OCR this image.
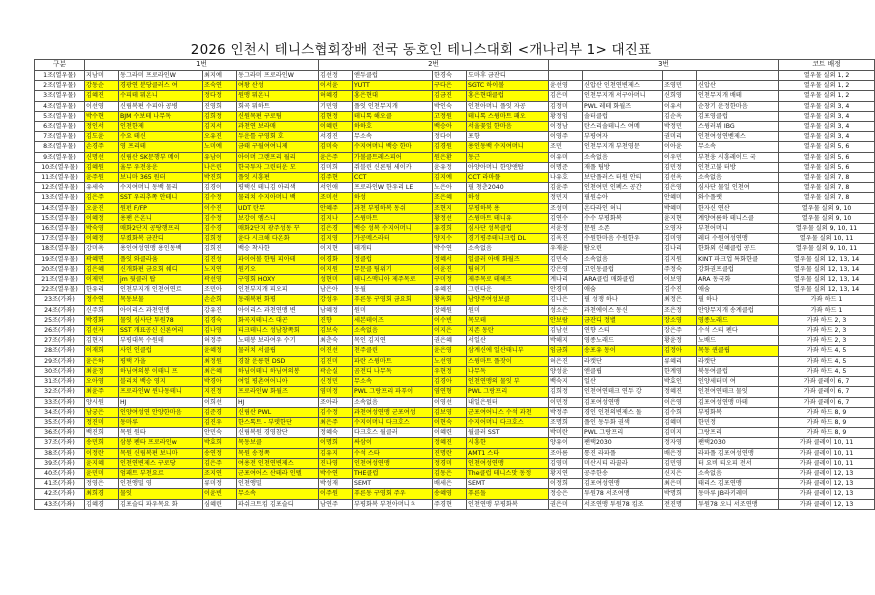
2026 인천시 테니스협회장배 전국 동호인 테니스대회 <개나리부 1> 대진표
구분	1번				2번				3번				코트 배정
1조(열우물)	지남미	동그라미 프로라인W	최지예	동그라미 프로라인W	김선정	엔두클럽	한경숙	도마후 금잔디					열우물 실외 1, 2
2조(열우물)	강동순	경광연 분당클러스 여	조숙연	여왕 산성	이서윤	YUTT	구다은	SGTC 하이볼	윤선영	신압산 인천연변제스	조영민	신압산	열우물 실외 1, 2
3조(열우물)	김혜진	수피테 뭐온니	정다정	원맹 뭐온니	허혜경	홍은현대	김금진	홍은현대클럽	김은미	인천무지개 서구아머니	신희영	인천무지개 배테	열우물 실외 1, 2
4조(열우물)	이선영	신림복편 수피아 공병	진영희	회곡 뭐하트	기민영	플잇 인천무지개	박인숙	인천아머니 플잇 자공	김정미	PWL 레테 화월즈	이유서	순창기 운정한마음	열우물 실외 3, 4
5조(열우물)	박수현	BJM 수보테 나무독	김희정	신원목편 구로팀	김현정	테니톡 해오클	고정원	테니톡 스윙마트 패오	황정임	솔터클럽	김순옥	김포영클럽	열우물 실외 3, 4
6조(열우물)	정인서	인천한제	김지서	과천연 보라매	이혜린	하하호	백승아	서울꽃잎 한마음	이정남	탄스리솔테니스 여메	박정민	스윙러뷔 IBG	열우물 실외 3, 4
7조(열우물)	김도윤	수요 테신	오유진	두운틀 구영회 호	서경진	무소속	정다이	포항	이영주	부평여자	권미리	인천여성연벤제스	열우물 실외 3, 4
8조(열우물)	손경주	영 프리테	노미예	금태 구월여여니제	김미숙	수지여머니 백승 한마	김경원	용인동백 수지여머니	조민	인천무지개 부천영문	이아윤	무소속	열우물 실외 5, 6
9조(열우물)	신명선	신림산 SK문행부 메이	유남이	아이머 그랜프리 월리	윤은주	가볼클트레스피어	원은환	동근	이유미	소속없음	이우민	부천웅 시흥레이드 국	열우물 실외 5, 6
10조(열우물)	김혜원	율무 우전웅운	나은린	한국투자 그린터운 모	김미희	쥐블린 신론팀 세이카	윤유정	아양아머니 한양앤탑	이명준	재플 팀방	김민정	인천고불 터방	열우물 실외 5, 6
11조(열우물)	윤주원	보니마 365 원터	박진희	플잇 시흥편	김주현	CCT	김지예	CCT 라마플	나유호	보단플러스 터원 안티	김선옥	소속없음	열우물 실외 7, 8
12조(열우물)	유세숙	수지여머니 동백 물리	김경이	평택신 테니김 아리색	서인애	프로라인W 한우리 LE	노은아	필 청춘2040	김윤주	인천여민 인펙스 공간	김은영	심사단 물일 인천여	열우물 실외 7, 8
13조(열우물)	김은주	SST 우리추쪽 안테니	김수정	물리치 수지아머니 백	조미선	하성	조은혜	하성	정민지	필원슈아	안혜미	와수플랫	열우물 실외 7, 8
14조(열우물)	오윤진	원펀 F/FP	이수진	UDT 탄무	안혜주	과천 부평하복 동쉬	조현지	부평하복 용	조성미	온다라인 허니	박혜미	한자신 연산	열우물 실외 9, 10
15조(열우물)	이혜정	용팬 은온니	김수정	보강이 엠스니	김지나	스윙마트	황정선	스윙마트 테니유	김연수	수수 부평화복	윤지현	계양여름하 테니스클	열우물 실외 9, 10
16조(열우물)	박숙영	매화2단지 공탕행프리	김수경	매화2단지 광주성동 꾸	김은경	백승 성복 수지어머니	유경희	심사단 성복클럽	서윤정	문원 소존	오영자	부천어머니	열우물 실외 9, 10, 11
17조(열우물)	이혜정	부켰화복 금잔디	김희정	윤다 시크해 다온화	김지영	가공메스라터	양지수	경기평주테니크럽 DL	김옥진	수원한마음 수원한우	김미영	레더 수원여성연맹	열우물 실외 10, 11
18조(열우물)	강미옥	용인여성연맹 용인동백	김희진	백승 착사한	이지현	테개티	박수연	소속없음	우재윤	탐오린	김나리	한화외 신혜클럽 공드	열우물 실외 9, 10, 11
19조(열우물)	곽혜면	플잇 와클라움	김진성	파이어볼 한팀 피아테	이경화	정클럽	정혜서	일클러 아배 화월즈	김민숙	소속없음	김지원	KINT 파크업 특화한클	열우물 실외 12, 13, 14
20조(열우물)	김은혜	신개화편 금요회 쉐디	노지연	원키오	이지원	무문클 팀위기	이윤진	팀허기	강은영	고인동클럽	주정숙	강화권프클럽	열우물 실외 12, 13, 14
21조(열우물)	이제민	jm 뒷클러 탑	곽선영	구영회 HOXY	성현미	테니스맥니아 제주목로	구미정	제주목로 테헤즈	계나리	ARA클럽 매화클럽	이보영	ARA 동국화	열우물 실외 12, 13, 14
22조(열우물)	한유리	인천부지개 인천여연르	조민아	인천부지개 피오피	남은아	동월	유혜진	그린타운	안경미	애숨	김수진	애숨	열우물 실외 12, 13, 14
23조(가좌)	정수연	목동보물	손순희	동래복편 화평	강성우	푸른동 구영회 금요회	황옥회	남양주여성보클	김나은	필 성쟁 하나	최정은	필 하나	가좌 하드 1
24조(가좌)	신주희	아이리스 과천연맹	강유진	아이리스 과천연맹 변	남혜정	원미	장혜원	원미	성소은	과천에이스 동신	조은정	안양무지개 송계클럽	가좌 하드 1
25조(가좌)	박경화	물잇 심사단 투원78	김경숙	화곡지테니스 대곤	진향	세본테이즈	이수빈	목모테	안보람	금잔디 정별	장소영	영종노래드	가좌 하드 2, 3
26조(가좌)	김선자	SST 개표공신 신론여리	김나영	티크테니스 성남창쪽회	김보숙	소속없음	이지은	지존 동탄	김남선	연향 스티	장은주	수석 스티 펜다	가좌 하드 2, 3
27조(가좌)	김현지	부평대목 수원테	허정주	노테봉 보라여우 수기	최춘숙	목인 김지연	권은혜	서일산	박해지	영종노래드	황윤정	노배드	가좌 하드 2, 3
28조(가좌)	이재희	사인 인클럽	윤혜정	물러치 서클립	이진선	천주클린	윤은영	삼계신에 일산태니부	임금희	송포유 동이	김정아	목동 퀸클립	가좌 하드 4, 5
29조(가좌)	윤은하	평택 가을	최정원	경찰 운릉현 DSD	김진미	파란 스윙마트	노선영	스윙마트 플잣이	허은진	라캣단	류혜리	라캣단	가좌 하드 4, 5
30조(가좌)	최윤정	하님여의봉 이태니 프	최은혜	하님이테니 하님여의봉	곽순실	곰전디 나무독	우현정	나무독	양성윤	엔클립	한계영	북동여클럽	가좌 하드 4, 5
31조(가좌)	오아영	블리치 백승 영지	박경아	여일 평촌여어니아	신정민	무소속	김경아	인천연맹의 물잇 부	백숙지	일산	박효인	인양세터미 여	가좌 클레이 6, 7
32조(가좌)	최윤주	프로라인W 윈나동테니	지진정	프로라인W 화월즈	염미정	PWL 그랑프리 파푸이	염연형	PWL 그랑프리	김희정	인천여연테크 연두 강	정혜진	인천여연테크 물잇	가좌 클레이 6, 7
33조(가좌)	양시원	HJ	이희선	HJ	조아라	소속없음	이영선	내일은원터	이민정	김포여성연맹	이은영	김포여성연맹 마테	가좌 클레이 6, 7
34조(가좌)	남궁은	인양여성연 안양한마음	김준경	신림산 PWL	김수정	과천여성연맹 군포여성	김보영	군포여어니스 수석 과천	박정주	경인 인천의변제스 돌	김수희	부평화복	가좌 하드 8, 9
35조(가좌)	정진미	동마루	김진우	한스톡트 - 부뎃한단	최은주	수지이머니 다크호스	이현숙	수지어머니 다크호스	조명희	플인 동두화 권색	김혜미	한민정	가좌 하드 8, 9
36조(가좌)	백진희	목원 원타	안민숙	신림복원 경영참단	정혜숙	다크호스 월클러	이혜련	월클러 SST	박미란	PWL 그랑프리	김미지	그랑프리	가좌 하드 8, 9
37조(가좌)	송민희	삼봉 펜타 프로라인w	박효희	목동보클	이명희	싸삼이	정혜진	시흥한	양유이	팬택2030	정자영	팬택2030	가좌 클레이 10, 11
38조(가좌)	이정란	목원 신림복편 보니마	송연정	목원 송정쪽	김유지	수석 스타	진명란	AMT1 스타	조아름	통진 라파플	배은정	라파플 김포여성연맹	가좌 클레이 10, 11
39조(가좌)	윤지혜	인천연변제스 구로당	김은주	여용전 인천연변제스	진나영	인천여성연맹	정경미	인천여성연맹	김영미	미산시티 라꿀라	김민영	터 요비 티오피 전서	가좌 클레이 10, 11
40조(가좌)	윤민미	엄패트 부천요르	조지연	군포여어스 산테라 인텔	박수연	THE클럽	김동은	The클럽 테니스맛 동정	황지연	공주한송	신지은	소속없음	가좌 클레이 12, 13
41조(가좌)	정영은	인천앵밀 영	류미정	인천앵밀	박성재	SEMT	배세은	SEMT	이정희	김포여성연맹	최은미	태리스 김포연맹	가좌 클레이 12, 13
42조(가좌)	최희경	물잇	이윤빈	무소속	이주원	푸른동 구영회 주우	송혜영	푸른돌	정승은	투원78 서조여맹	박명희	동마루 JB라키레미	가좌 클레이 12, 13
43조(가좌)	김혜경	김포슬디 파우목요 화	심혜린	파쉬크트킴 김포슬디	남연주	부평화복 부천아머니ㅊ	주경현	인천연맹 부평화복	권은미	서조연맹 투원78 킴조	전진명	투원78 오니 서조연맹	가좌 클레이 12, 13
